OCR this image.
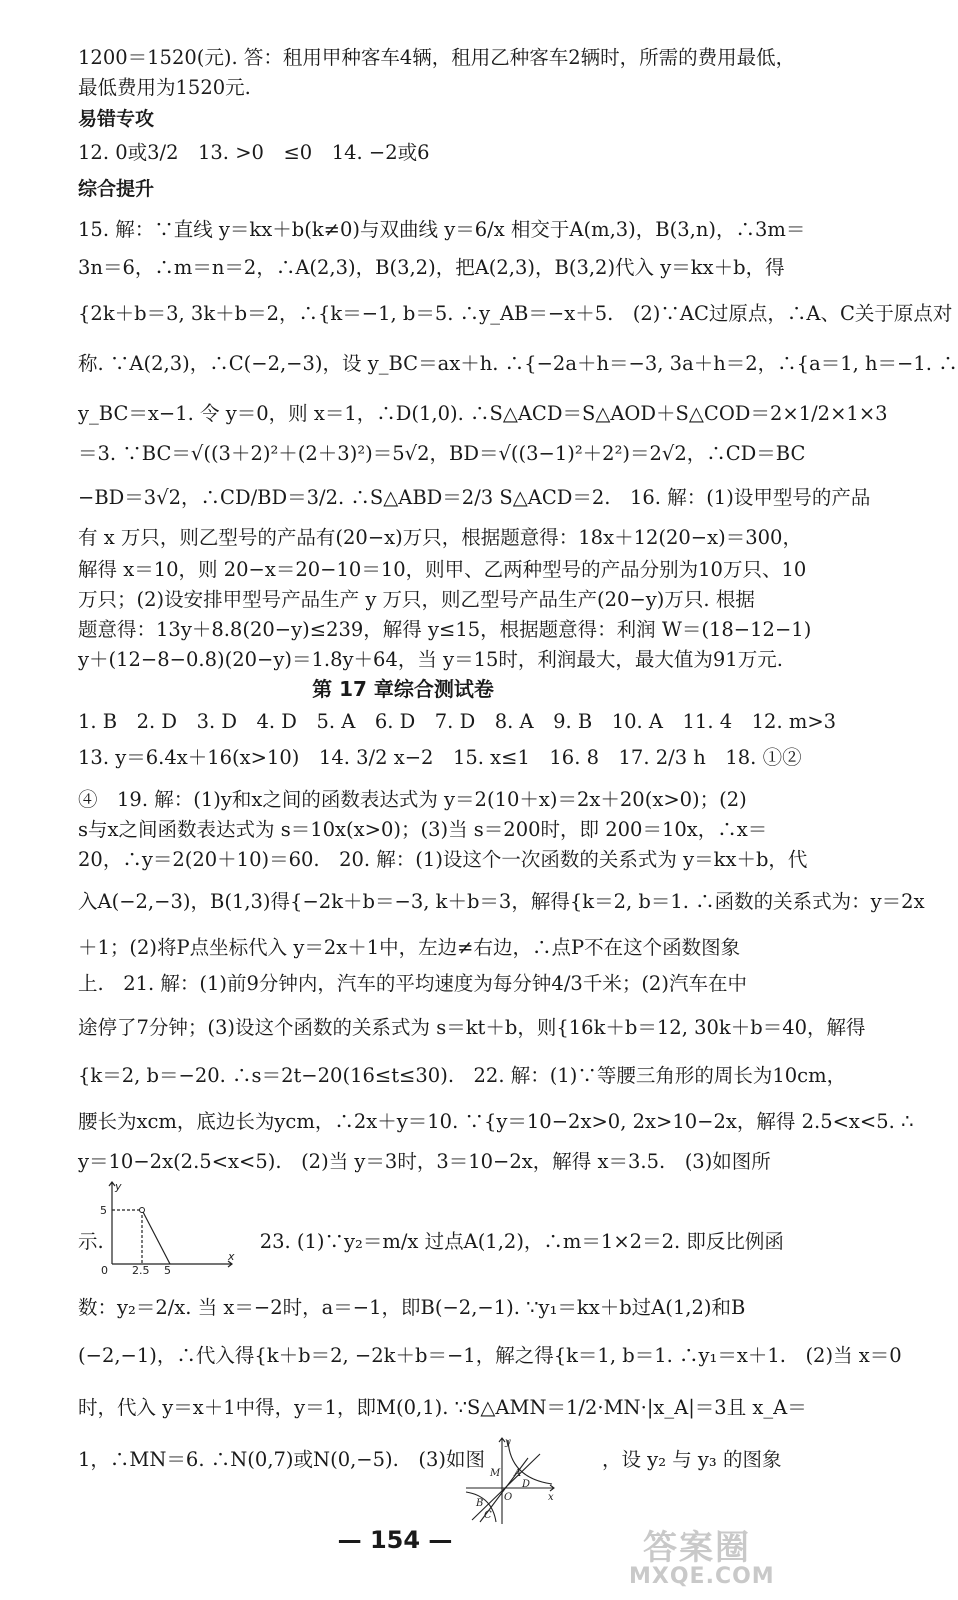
1200＝1520(元). 答：租用甲种客车4辆，租用乙种客车2辆时，所需的费用最低，
最低费用为1520元.
易错专攻
12. 0或3/2　13. >0　≤0　14. −2或6
综合提升
15. 解：∵直线 y＝kx＋b(k≠0)与双曲线 y＝6/x 相交于A(m,3)，B(3,n)，∴3m＝
3n＝6，∴m＝n＝2，∴A(2,3)，B(3,2)，把A(2,3)，B(3,2)代入 y＝kx＋b，得
{2k＋b＝3, 3k＋b＝2，∴{k＝−1, b＝5. ∴y_AB＝−x＋5.　(2)∵AC过原点，∴A、C关于原点对
称. ∵A(2,3)，∴C(−2,−3)，设 y_BC＝ax＋h. ∴{−2a＋h＝−3, 3a＋h＝2，∴{a＝1, h＝−1. ∴
y_BC＝x−1. 令 y＝0，则 x＝1，∴D(1,0). ∴S△ACD＝S△AOD＋S△COD＝2×1/2×1×3
＝3. ∵BC＝√((3＋2)²＋(2＋3)²)＝5√2，BD＝√((3−1)²＋2²)＝2√2，∴CD＝BC
−BD＝3√2，∴CD/BD＝3/2. ∴S△ABD＝2/3 S△ACD＝2.　16. 解：(1)设甲型号的产品
有 x 万只，则乙型号的产品有(20−x)万只，根据题意得：18x＋12(20−x)＝300，
解得 x＝10，则 20−x＝20−10＝10，则甲、乙两种型号的产品分别为10万只、10
万只；(2)设安排甲型号产品生产 y 万只，则乙型号产品生产(20−y)万只. 根据
题意得：13y＋8.8(20−y)≤239，解得 y≤15，根据题意得：利润 W＝(18−12−1)
y＋(12−8−0.8)(20−y)＝1.8y＋64，当 y＝15时，利润最大，最大值为91万元.
第 17 章综合测试卷
1. B　2. D　3. D　4. D　5. A　6. D　7. D　8. A　9. B　10. A　11. 4　12. m>3
13. y＝6.4x＋16(x>10)　14. 3/2 x−2　15. x≤1　16. 8　17. 2/3 h　18. ①②
④　19. 解：(1)y和x之间的函数表达式为 y＝2(10＋x)＝2x＋20(x>0)；(2)
s与x之间函数表达式为 s＝10x(x>0)；(3)当 s＝200时，即 200＝10x，∴x＝
20，∴y＝2(20＋10)＝60.　20. 解：(1)设这个一次函数的关系式为 y＝kx＋b，代
入A(−2,−3)，B(1,3)得{−2k＋b＝−3, k＋b＝3，解得{k＝2, b＝1. ∴函数的关系式为：y＝2x
＋1；(2)将P点坐标代入 y＝2x＋1中，左边≠右边，∴点P不在这个函数图象
上.　21. 解：(1)前9分钟内，汽车的平均速度为每分钟4/3千米；(2)汽车在中
途停了7分钟；(3)设这个函数的关系式为 s＝kt＋b，则{16k＋b＝12, 30k＋b＝40，解得
{k＝2, b＝−20. ∴s＝2t−20(16≤t≤30).　22. 解：(1)∵等腰三角形的周长为10cm，
腰长为xcm，底边长为ycm，∴2x＋y＝10. ∵{y＝10−2x>0, 2x>10−2x，解得 2.5<x<5. ∴
y＝10−2x(2.5<x<5).　(2)当 y＝3时，3＝10−2x，解得 x＝3.5.　(3)如图所
示.　　　　　　　　23. (1)∵y₂＝m/x 过点A(1,2)，∴m＝1×2＝2. 即反比例函
数：y₂＝2/x. 当 x＝−2时，a＝−1，即B(−2,−1). ∵y₁＝kx＋b过A(1,2)和B
(−2,−1)，∴代入得{k＋b＝2, −2k＋b＝−1，解之得{k＝1, b＝1. ∴y₁＝x＋1.　(2)当 x＝0
时，代入 y＝x＋1中得，y＝1，即M(0,1). ∵S△AMN＝1/2·MN·|x_A|＝3且 x_A＝
1，∴MN＝6. ∴N(0,7)或N(0,−5).　(3)如图　　　　　　，设 y₂ 与 y₃ 的图象
y
x
5
0 2.5 5
y
x
M A
D
B
O
C
— 154 —	答案圈
MXQE.COM
